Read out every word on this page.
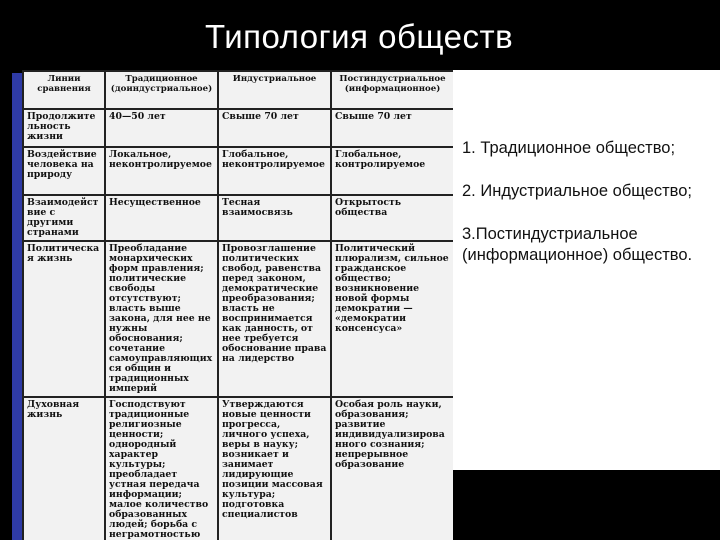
Типология обществ
Линии сравнения	Традиционное (доиндустриальное)	Индустриальное	Постиндустриальное (информационное)
Продолжительность жизни	40—50 лет	Свыше 70 лет	Свыше 70 лет
Воздействие человека на природу	Локальное, неконтролируемое	Глобальное, неконтролируемое	Глобальное, контролируемое
Взаимодействие с другими странами	Несущественное	Тесная взаимосвязь	Открытость общества
Политическая жизнь	Преобладание монархических форм правления; политические свободы отсутствуют; власть выше закона, для нее не нужны обоснования; сочетание самоуправляющихся общин и традиционных империй	Провозглашение политических свобод, равенства перед законом, демократические преобразования; власть не воспринимается как данность, от нее требуется обоснование права на лидерство	Политический плюрализм, сильное гражданское общество; возникновение новой формы демократии — «демократии консенсуса»
Духовная жизнь	Господствуют традиционные религиозные ценности; однородный характер культуры; преобладает устная передача информации; малое количество образованных людей; борьба с неграмотностью	Утверждаются новые ценности прогресса, личного успеха, веры в науку; возникает и занимает лидирующие позиции массовая культура; подготовка специалистов	Особая роль науки, образования; развитие индивидуализированного сознания; непрерывное образование
1. Традиционное общество;
2. Индустриальное общество;
3.Постиндустриальное (информационное) общество.
